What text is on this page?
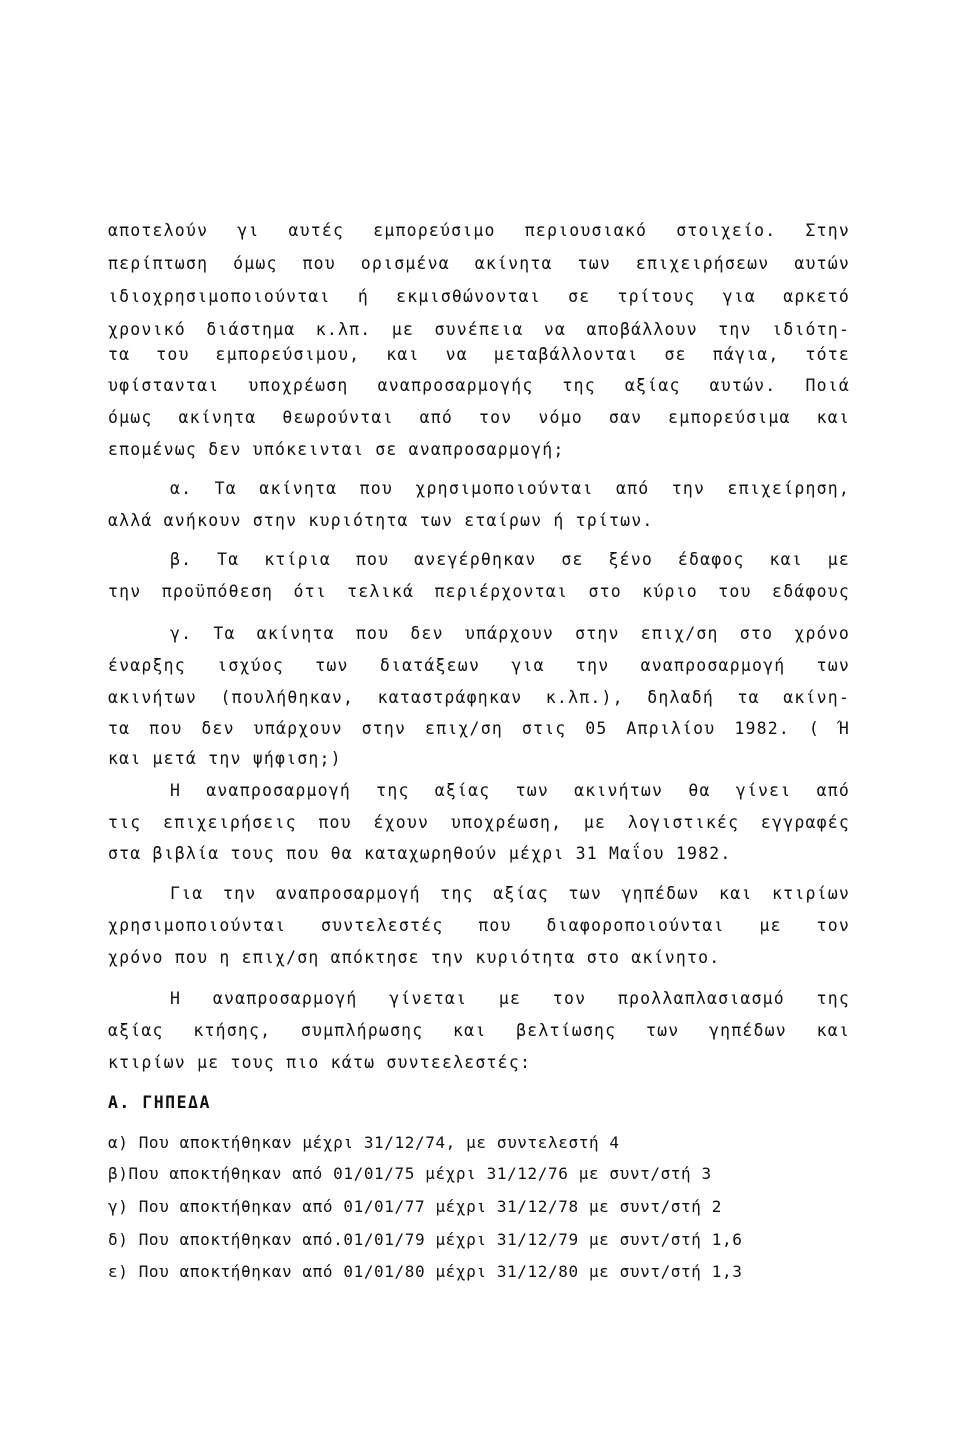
αποτελούν γι αυτές εμπορεύσιμο περιουσιακό στοιχείο. Στην
περίπτωση όμως που ορισμένα ακίνητα των επιχειρήσεων αυτών
ιδιοχρησιμοποιούνται ή εκμισθώνονται σε τρίτους για αρκετό
χρονικό διάστημα κ.λπ. με συνέπεια να αποβάλλουν την ιδιότη-
τα του εμπορεύσιμου, και να μεταβάλλονται σε πάγια, τότε
υφίστανται υποχρέωση αναπροσαρμογής της αξίας αυτών. Ποιά
όμως ακίνητα θεωρούνται από τον νόμο σαν εμπορεύσιμα και
επομένως δεν υπόκεινται σε αναπροσαρμογή;
α. Τα ακίνητα που χρησιμοποιούνται από την επιχείρηση,
αλλά ανήκουν στην κυριότητα των εταίρων ή τρίτων.
β. Τα κτίρια που ανεγέρθηκαν σε ξένο έδαφος και με
την προϋπόθεση ότι τελικά περιέρχονται στο κύριο του εδάφους
γ. Τα ακίνητα που δεν υπάρχουν στην επιχ/ση στο χρόνο
έναρξης ισχύος των διατάξεων για την αναπροσαρμογή των
ακινήτων (πουλήθηκαν, καταστράφηκαν κ.λπ.), δηλαδή τα ακίνη-
τα που δεν υπάρχουν στην επιχ/ση στις 05 Απριλίου 1982. ( Ή
και μετά την ψήφιση;)
Η αναπροσαρμογή της αξίας των ακινήτων θα γίνει από
τις επιχειρήσεις που έχουν υποχρέωση, με λογιστικές εγγραφές
στα βιβλία τους που θα καταχωρηθούν μέχρι 31 Μαΐου 1982.
Για την αναπροσαρμογή της αξίας των γηπέδων και κτιρίων
χρησιμοποιούνται συντελεστές που διαφοροποιούνται με τον
χρόνο που η επιχ/ση απόκτησε την κυριότητα στο ακίνητο.
Η αναπροσαρμογή γίνεται με τον προλλαπλασιασμό της
αξίας κτήσης, συμπλήρωσης και βελτίωσης των γηπέδων και
κτιρίων με τους πιο κάτω συντεελεστές:
Α. ΓΗΠΕΔΑ
α) Που αποκτήθηκαν μέχρι 31/12/74, με συντελεστή 4
β)Που αποκτήθηκαν από 01/01/75 μέχρι 31/12/76 με συντ/στή 3
γ) Που αποκτήθηκαν από 01/01/77 μέχρι 31/12/78 με συντ/στή 2
δ) Που αποκτήθηκαν από.01/01/79 μέχρι 31/12/79 με συντ/στή 1,6
ε) Που αποκτήθηκαν από 01/01/80 μέχρι 31/12/80 με συντ/στή 1,3
